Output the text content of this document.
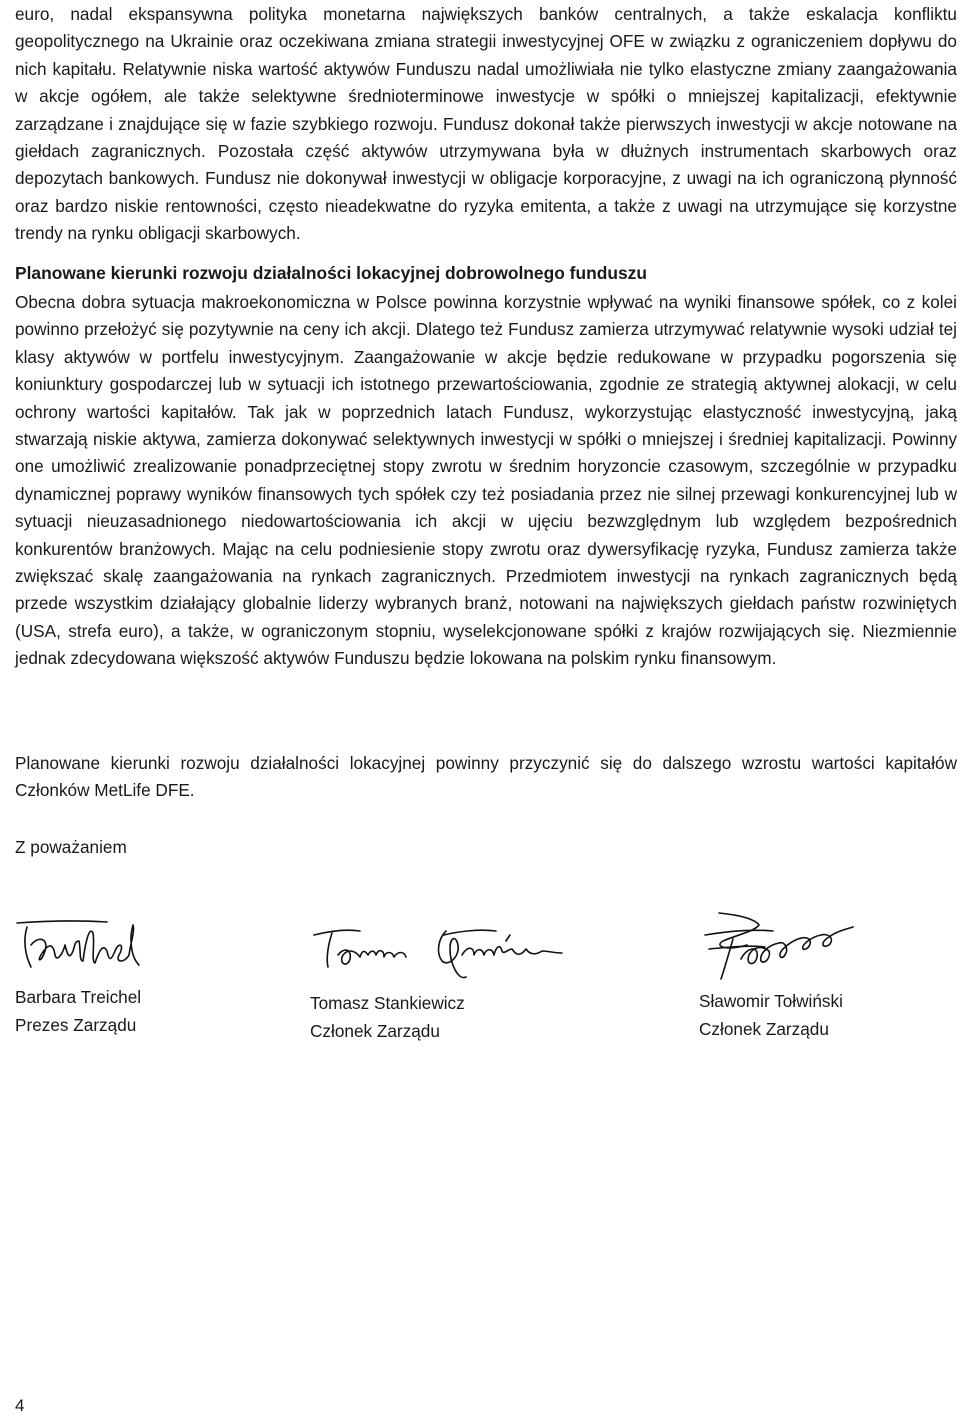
euro, nadal ekspansywna polityka monetarna największych banków centralnych, a także eskalacja konfliktu geopolitycznego na Ukrainie oraz oczekiwana zmiana strategii inwestycyjnej OFE w związku z ograniczeniem dopływu do nich kapitału. Relatywnie niska wartość aktywów Funduszu nadal umożliwiała nie tylko elastyczne zmiany zaangażowania w akcje ogółem, ale także selektywne średnioterminowe inwestycje w spółki o mniejszej kapitalizacji, efektywnie zarządzane i znajdujące się w fazie szybkiego rozwoju. Fundusz dokonał także pierwszych inwestycji w akcje notowane na giełdach zagranicznych. Pozostała część aktywów utrzymywana była w dłużnych instrumentach skarbowych oraz depozytach bankowych. Fundusz nie dokonywał inwestycji w obligacje korporacyjne, z uwagi na ich ograniczoną płynność oraz bardzo niskie rentowności, często nieadekwatne do ryzyka emitenta, a także z uwagi na utrzymujące się korzystne trendy na rynku obligacji skarbowych.

Planowane kierunki rozwoju działalności lokacyjnej dobrowolnego funduszu

Obecna dobra sytuacja makroekonomiczna w Polsce powinna korzystnie wpływać na wyniki finansowe spółek, co z kolei powinno przełożyć się pozytywnie na ceny ich akcji. Dlatego też Fundusz zamierza utrzymywać relatywnie wysoki udział tej klasy aktywów w portfelu inwestycyjnym. Zaangażowanie w akcje będzie redukowane w przypadku pogorszenia się koniunktury gospodarczej lub w sytuacji ich istotnego przewartościowania, zgodnie ze strategią aktywnej alokacji, w celu ochrony wartości kapitałów. Tak jak w poprzednich latach Fundusz, wykorzystując elastyczność inwestycyjną, jaką stwarzają niskie aktywa, zamierza dokonywać selektywnych inwestycji w spółki o mniejszej i średniej kapitalizacji. Powinny one umożliwić zrealizowanie ponadprzeciętnej stopy zwrotu w średnim horyzoncie czasowym, szczególnie w przypadku dynamicznej poprawy wyników finansowych tych spółek czy też posiadania przez nie silnej przewagi konkurencyjnej lub w sytuacji nieuzasadnionego niedowartościowania ich akcji w ujęciu bezwzględnym lub względem bezpośrednich konkurentów branżowych. Mając na celu podniesienie stopy zwrotu oraz dywersyfikację ryzyka, Fundusz zamierza także zwiększać skalę zaangażowania na rynkach zagranicznych. Przedmiotem inwestycji na rynkach zagranicznych będą przede wszystkim działający globalnie liderzy wybranych branż, notowani na największych giełdach państw rozwiniętych (USA, strefa euro), a także, w ograniczonym stopniu, wyselekcjonowane spółki z krajów rozwijających się. Niezmiennie jednak zdecydowana większość aktywów Funduszu będzie lokowana na polskim rynku finansowym.

Planowane kierunki rozwoju działalności lokacyjnej powinny przyczynić się do dalszego wzrostu wartości kapitałów Członków MetLife DFE.

Z poważaniem

Barbara Treichel
Prezes Zarządu
Tomasz Stankiewicz
Członek Zarządu
Sławomir Tołwiński
Członek Zarządu
4
